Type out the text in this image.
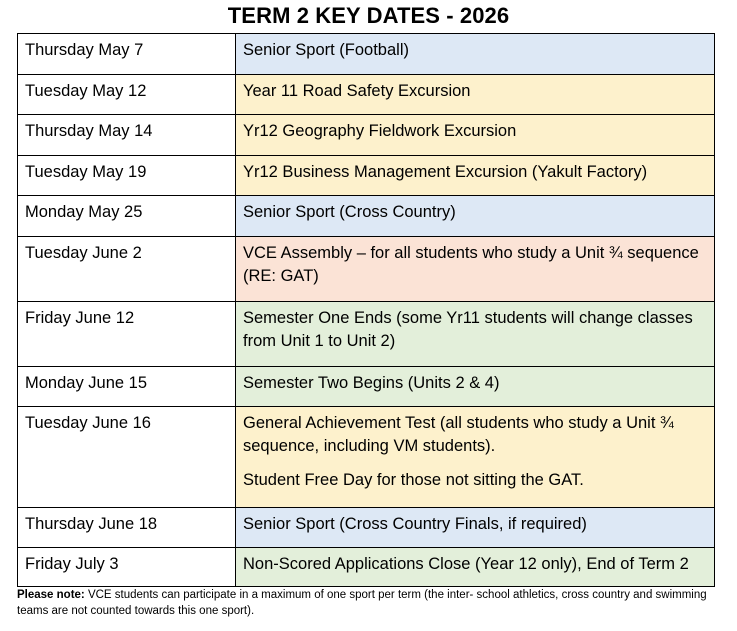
TERM 2 KEY DATES - 2026
Thursday May 7	Senior Sport (Football)

Tuesday May 12	Year 11 Road Safety Excursion

Thursday May 14	Yr12 Geography Fieldwork Excursion

Tuesday May 19	Yr12 Business Management Excursion (Yakult Factory)

Monday May 25	Senior Sport (Cross Country)

Tuesday June 2	VCE Assembly – for all students who study a Unit ¾ sequence (RE: GAT)

Friday June 12	Semester One Ends (some Yr11 students will change classes from Unit 1 to Unit 2)

Monday June 15	Semester Two Begins (Units 2 & 4)

Tuesday June 16	General Achievement Test (all students who study a Unit ¾ sequence, including VM students).

Student Free Day for those not sitting the GAT.

Thursday June 18	Senior Sport (Cross Country Finals, if required)

Friday July 3	Non-Scored Applications Close (Year 12 only), End of Term 2

Please note: VCE students can participate in a maximum of one sport per term (the inter- school athletics, cross country and swimming teams are not counted towards this one sport).
